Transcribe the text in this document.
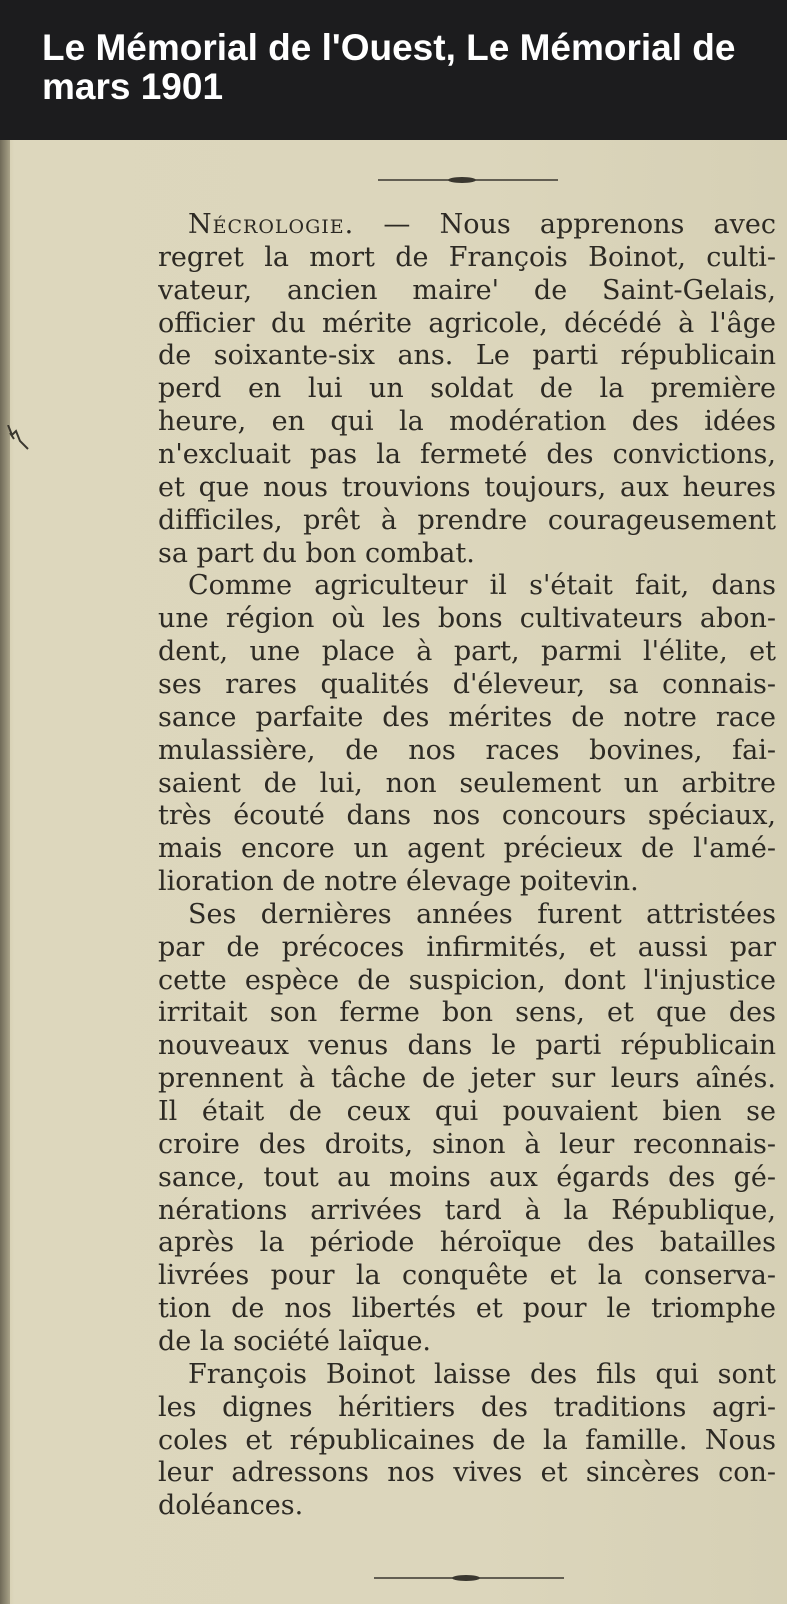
Le Mémorial de l'Ouest, Le Mémorial de
mars 1901
Nécrologie. — Nous apprenons avec
regret la mort de François Boinot, culti-
vateur, ancien maire' de Saint-Gelais,
officier du mérite agricole, décédé à l'âge
de soixante-six ans. Le parti républicain
perd en lui un soldat de la première
heure, en qui la modération des idées
n'excluait pas la fermeté des convictions,
et que nous trouvions toujours, aux heures
difficiles, prêt à prendre courageusement
sa part du bon combat.
Comme agriculteur il s'était fait, dans
une région où les bons cultivateurs abon-
dent, une place à part, parmi l'élite, et
ses rares qualités d'éleveur, sa connais-
sance parfaite des mérites de notre race
mulassière, de nos races bovines, fai-
saient de lui, non seulement un arbitre
très écouté dans nos concours spéciaux,
mais encore un agent précieux de l'amé-
lioration de notre élevage poitevin.
Ses dernières années furent attristées
par de précoces infirmités, et aussi par
cette espèce de suspicion, dont l'injustice
irritait son ferme bon sens, et que des
nouveaux venus dans le parti républicain
prennent à tâche de jeter sur leurs aînés.
Il était de ceux qui pouvaient bien se
croire des droits, sinon à leur reconnais-
sance, tout au moins aux égards des gé-
nérations arrivées tard à la République,
après la période héroïque des batailles
livrées pour la conquête et la conserva-
tion de nos libertés et pour le triomphe
de la société laïque.
François Boinot laisse des fils qui sont
les dignes héritiers des traditions agri-
coles et républicaines de la famille. Nous
leur adressons nos vives et sincères con-
doléances.
